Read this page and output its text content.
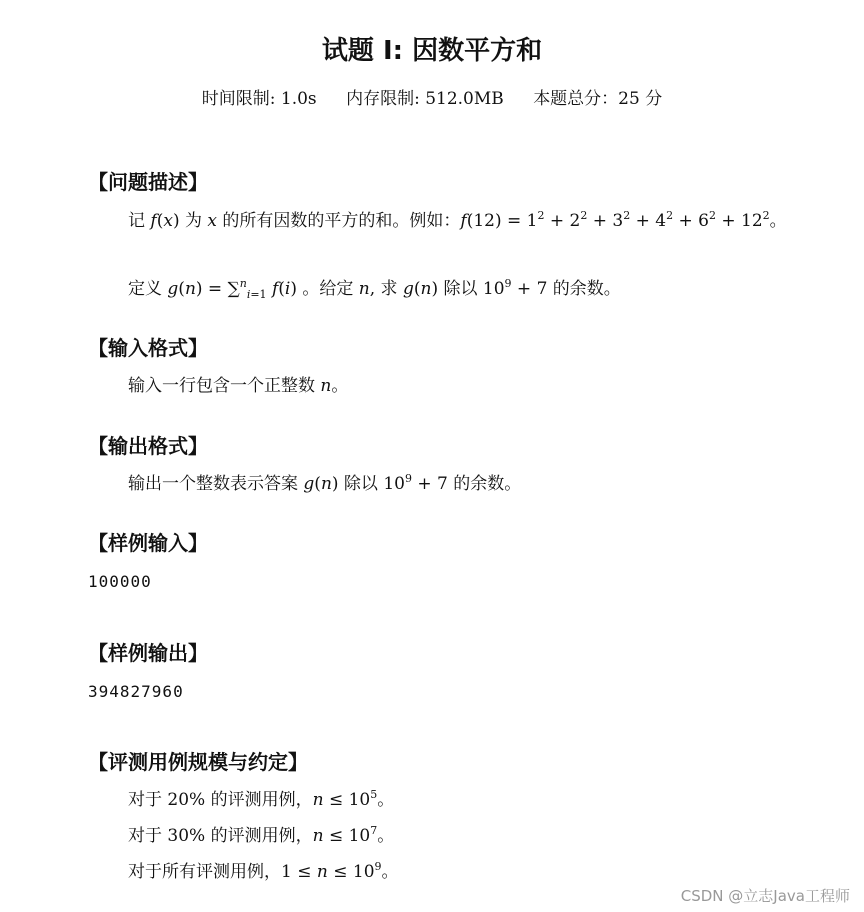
试题 I: 因数平方和
时间限制: 1.0s 内存限制: 512.0MB 本题总分：25 分
【问题描述】
记 f(x) 为 x 的所有因数的平方的和。例如：$f(12) = 1^2 + 2^2 + 3^2 + 4^2 + 6^2 + 12^2$。
定义 g(n) = ∑$^n_{i=1}$ f(i) 。给定 n, 求 g(n) 除以 $10^9 + 7$ 的余数。
【输入格式】
输入一行包含一个正整数 n。
【输出格式】
输出一个整数表示答案 g(n) 除以 $10^9 + 7$ 的余数。
【样例输入】
100000
【样例输出】
394827960
【评测用例规模与约定】
对于 20% 的评测用例，$n \le 10^5$。
对于 30% 的评测用例，$n \le 10^7$。
对于所有评测用例，$1 \le n \le 10^9$。
CSDN @立志Java工程师
